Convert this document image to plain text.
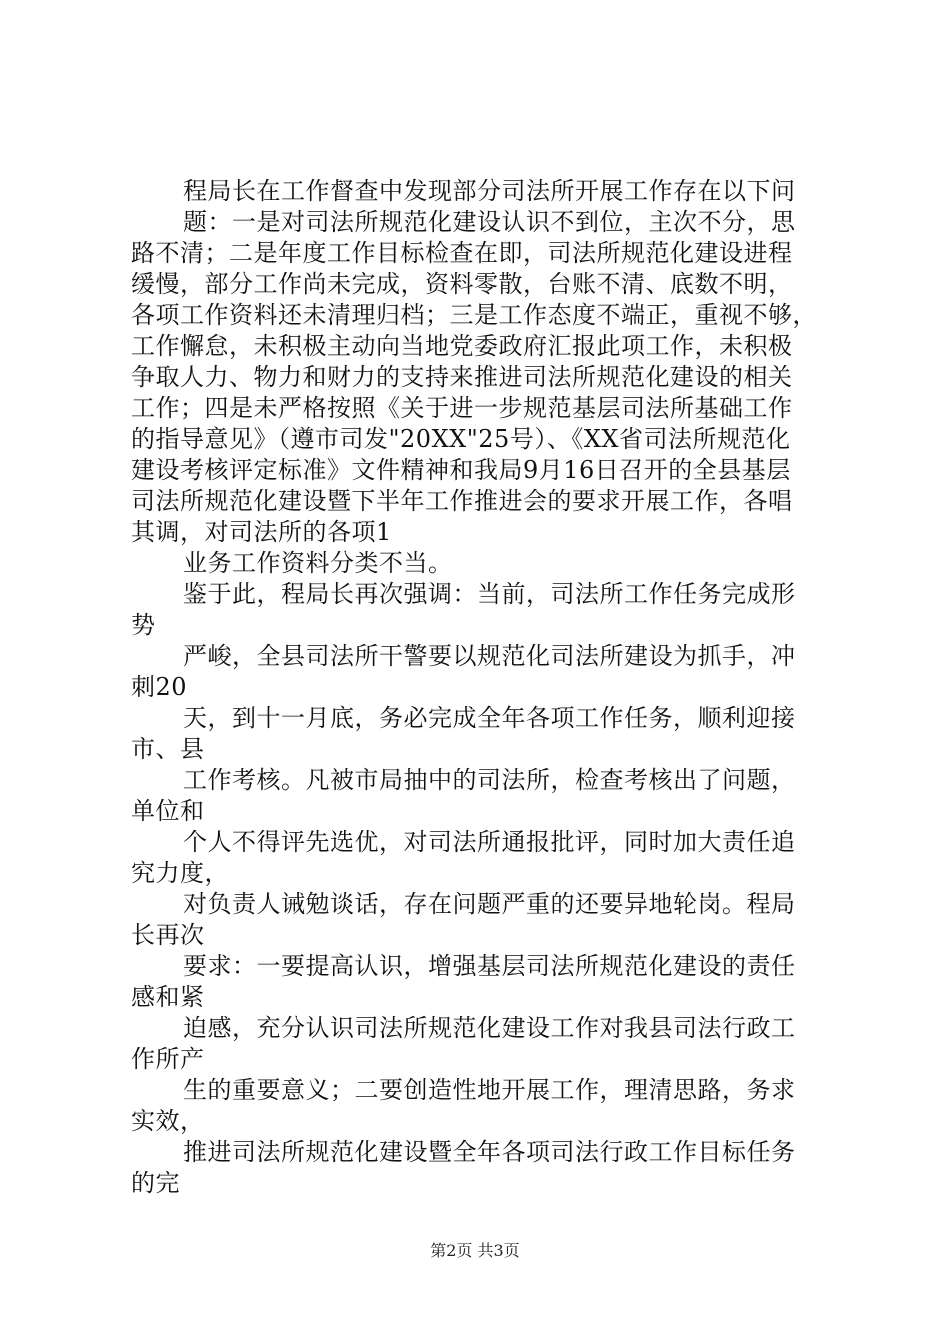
程局长在工作督查中发现部分司法所开展工作存在以下问
题：一是对司法所规范化建设认识不到位，主次不分，思
路不清；二是年度工作目标检查在即，司法所规范化建设进程
缓慢，部分工作尚未完成，资料零散，台账不清、底数不明，
各项工作资料还未清理归档；三是工作态度不端正，重视不够，
工作懈怠，未积极主动向当地党委政府汇报此项工作，未积极
争取人力、物力和财力的支持来推进司法所规范化建设的相关
工作；四是未严格按照《关于进一步规范基层司法所基础工作
的指导意见》（遵市司发"20XX"25号）、《XX省司法所规范化
建设考核评定标准》文件精神和我局9月16日召开的全县基层
司法所规范化建设暨下半年工作推进会的要求开展工作，各唱
其调，对司法所的各项1
业务工作资料分类不当。
鉴于此，程局长再次强调：当前，司法所工作任务完成形
势
严峻，全县司法所干警要以规范化司法所建设为抓手，冲
刺20
天，到十一月底，务必完成全年各项工作任务，顺利迎接
市、县
工作考核。凡被市局抽中的司法所，检查考核出了问题，
单位和
个人不得评先选优，对司法所通报批评，同时加大责任追
究力度，
对负责人诫勉谈话，存在问题严重的还要异地轮岗。程局
长再次
要求：一要提高认识，增强基层司法所规范化建设的责任
感和紧
迫感，充分认识司法所规范化建设工作对我县司法行政工
作所产
生的重要意义；二要创造性地开展工作，理清思路，务求
实效，
推进司法所规范化建设暨全年各项司法行政工作目标任务
的完
第2页 共3页
